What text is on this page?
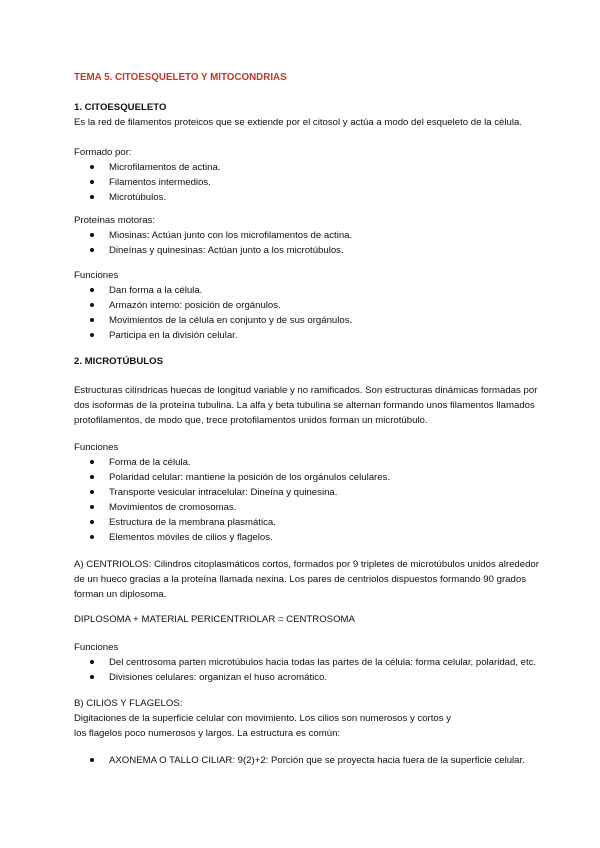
TEMA 5. CITOESQUELETO Y MITOCONDRIAS
1. CITOESQUELETO
Es la red de filamentos proteicos que se extiende por el citosol y actúa a modo del esqueleto de la célula.
Formado por:
Microfilamentos de actina.
Filamentos intermedios.
Microtúbulos.
Proteínas motoras:
Miosinas: Actúan junto con los microfilamentos de actina.
Dineínas y quinesinas: Actúan junto a los microtúbulos.
Funciones
Dan forma a la célula.
Armazón interno: posición de orgánulos.
Movimientos de la célula en conjunto y de sus orgánulos.
Participa en la división celular.
2. MICROTÚBULOS
Estructuras cilíndricas huecas de longitud variable y no ramificados. Son estructuras dinámicas formadas por
dos isoformas de la proteína tubulina. La alfa y beta tubulina se alternan formando unos filamentos llamados
protofilamentos, de modo que, trece protofilamentos unidos forman un microtúbulo.
Funciones
Forma de la célula.
Polaridad celular: mantiene la posición de los orgánulos celulares.
Transporte vesicular intracelular: Dineína y quinesina.
Movimientos de cromosomas.
Estructura de la membrana plasmática.
Elementos móviles de cilios y flagelos.
A) CENTRIOLOS: Cilindros citoplasmáticos cortos, formados por 9 tripletes de microtúbulos unidos alrededor
de un hueco gracias a la proteína llamada nexina. Los pares de centriolos dispuestos formando 90 grados
forman un diplosoma.
DIPLOSOMA + MATERIAL PERICENTRIOLAR = CENTROSOMA
Funciones
Del centrosoma parten microtúbulos hacia todas las partes de la célula: forma celular, polaridad, etc.
Divisiones celulares: organizan el huso acromático.
B) CILIOS Y FLAGELOS:
Digitaciones de la superficie celular con movimiento. Los cilios son numerosos y cortos y
los flagelos poco numerosos y largos. La estructura es común:
AXONEMA O TALLO CILIAR: 9(2)+2: Porción que se proyecta hacia fuera de la superficie celular.
